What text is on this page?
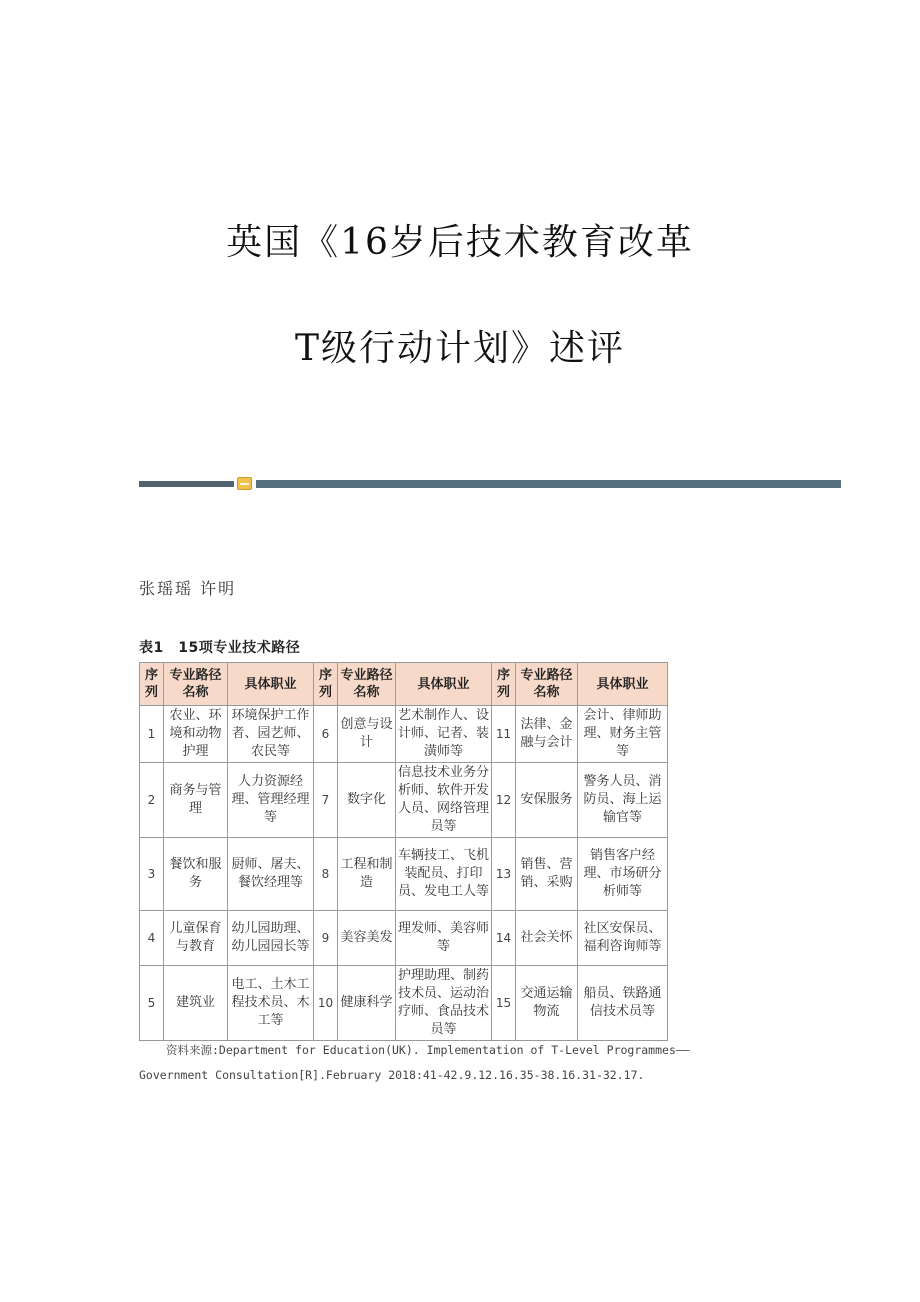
英国《16岁后技术教育改革
T级行动计划》述评
张瑶瑶 许明
表1　15项专业技术路径
序列	专业路径名称	具体职业	序列	专业路径名称	具体职业	序列	专业路径名称	具体职业
1	农业、环境和动物护理	环境保护工作者、园艺师、农民等	6	创意与设计	艺术制作人、设计师、记者、装潢师等	11	法律、金融与会计	会计、律师助理、财务主管等
2	商务与管理	人力资源经理、管理经理等	7	数字化	信息技术业务分析师、软件开发人员、网络管理员等	12	安保服务	警务人员、消防员、海上运输官等
3	餐饮和服务	厨师、屠夫、餐饮经理等	8	工程和制造	车辆技工、飞机装配员、打印员、发电工人等	13	销售、营销、采购	销售客户经理、市场研分析师等
4	儿童保育与教育	幼儿园助理、幼儿园园长等	9	美容美发	理发师、美容师等	14	社会关怀	社区安保员、福利咨询师等
5	建筑业	电工、土木工程技术员、木工等	10	健康科学	护理助理、制药技术员、运动治疗师、食品技术员等	15	交通运输物流	船员、铁路通信技术员等
资料来源:Department for Education(UK). Implementation of T-Level Programmes——
Government Consultation[R].February 2018:41-42.9.12.16.35-38.16.31-32.17.
